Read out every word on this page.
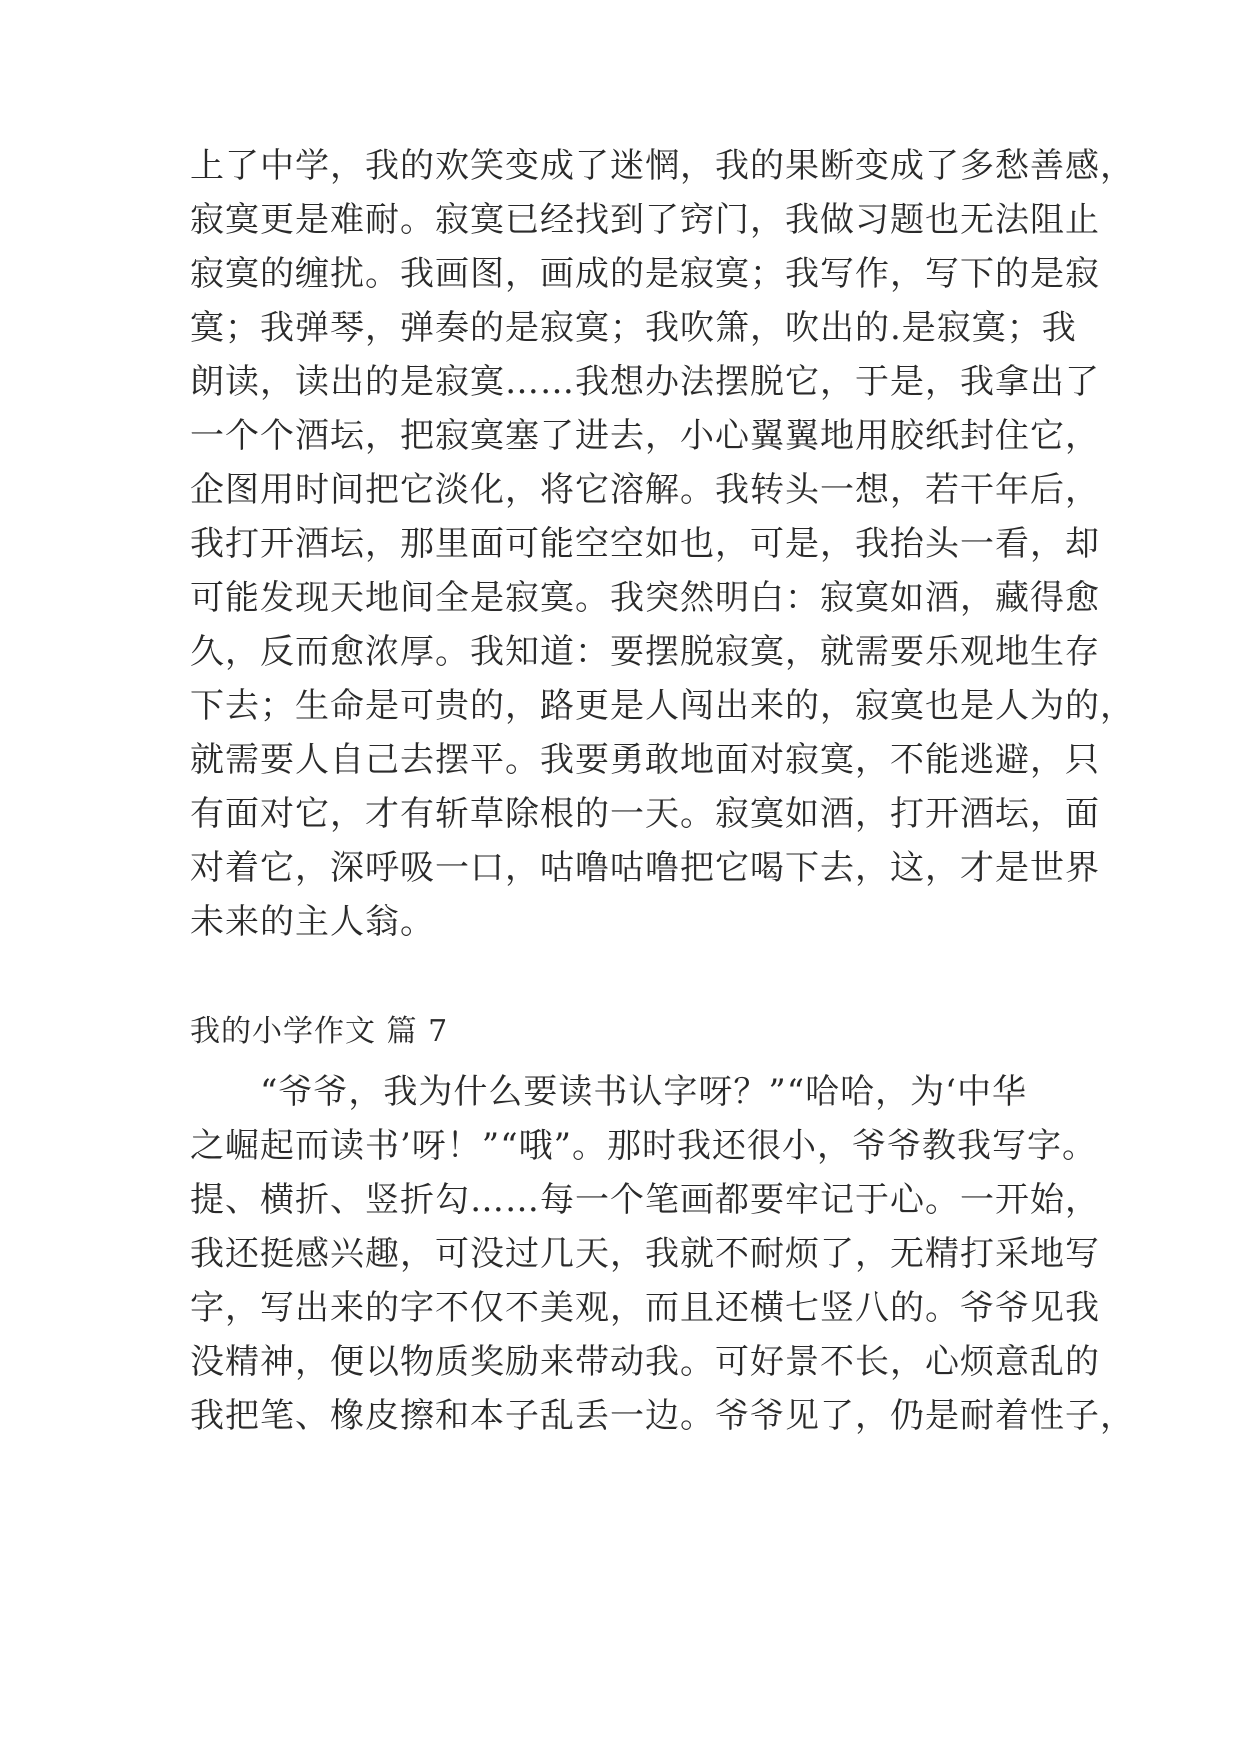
上了中学，我的欢笑变成了迷惘，我的果断变成了多愁善感，
寂寞更是难耐。寂寞已经找到了窍门，我做习题也无法阻止
寂寞的缠扰。我画图，画成的是寂寞；我写作，写下的是寂
寞；我弹琴，弹奏的是寂寞；我吹箫，吹出的.是寂寞；我
朗读，读出的是寂寞……我想办法摆脱它，于是，我拿出了
一个个酒坛，把寂寞塞了进去，小心翼翼地用胶纸封住它，
企图用时间把它淡化，将它溶解。我转头一想，若干年后，
我打开酒坛，那里面可能空空如也，可是，我抬头一看，却
可能发现天地间全是寂寞。我突然明白：寂寞如酒，藏得愈
久，反而愈浓厚。我知道：要摆脱寂寞，就需要乐观地生存
下去；生命是可贵的，路更是人闯出来的，寂寞也是人为的，
就需要人自己去摆平。我要勇敢地面对寂寞，不能逃避，只
有面对它，才有斩草除根的一天。寂寞如酒，打开酒坛，面
对着它，深呼吸一口，咕噜咕噜把它喝下去，这，才是世界
未来的主人翁。
我的小学作文 篇 7
　　“爷爷，我为什么要读书认字呀？”“哈哈，为‘中华
之崛起而读书’呀！”“哦”。那时我还很小，爷爷教我写字。
提、横折、竖折勾……每一个笔画都要牢记于心。一开始，
我还挺感兴趣，可没过几天，我就不耐烦了，无精打采地写
字，写出来的字不仅不美观，而且还横七竖八的。爷爷见我
没精神，便以物质奖励来带动我。可好景不长，心烦意乱的
我把笔、橡皮擦和本子乱丢一边。爷爷见了，仍是耐着性子，
